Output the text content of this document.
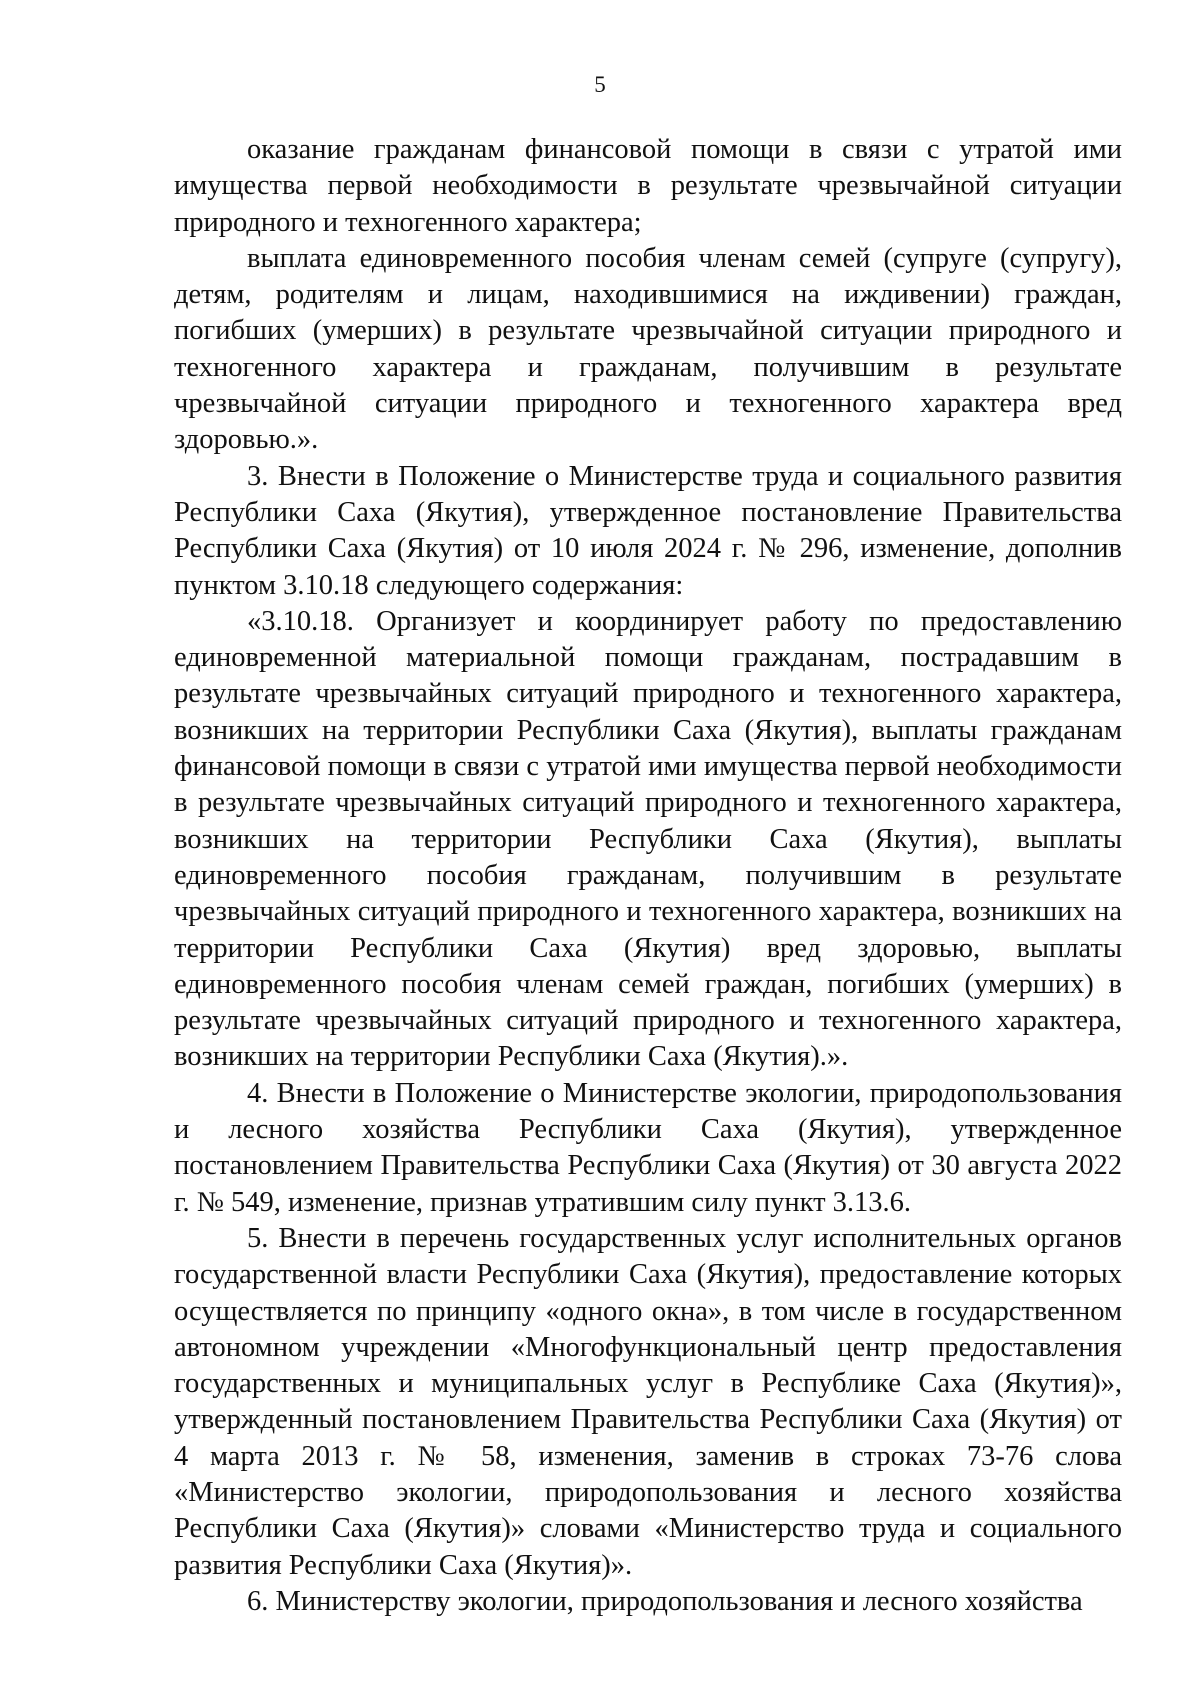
5

оказание гражданам финансовой помощи в связи с утратой ими имущества первой необходимости в результате чрезвычайной ситуации природного и техногенного характера;

выплата единовременного пособия членам семей (супруге (супругу), детям, родителям и лицам, находившимися на иждивении) граждан, погибших (умерших) в результате чрезвычайной ситуации природного и техногенного характера и гражданам, получившим в результате чрезвычайной ситуации природного и техногенного характера вред здоровью.».

3. Внести в Положение о Министерстве труда и социального развития Республики Саха (Якутия), утвержденное постановление Правительства Республики Саха (Якутия) от 10 июля 2024 г. № 296, изменение, дополнив пунктом 3.10.18 следующего содержания:

«3.10.18. Организует и координирует работу по предоставлению единовременной материальной помощи гражданам, пострадавшим в результате чрезвычайных ситуаций природного и техногенного характера, возникших на территории Республики Саха (Якутия), выплаты гражданам финансовой помощи в связи с утратой ими имущества первой необходимости в результате чрезвычайных ситуаций природного и техногенного характера, возникших на территории Республики Саха (Якутия), выплаты единовременного пособия гражданам, получившим в результате чрезвычайных ситуаций природного и техногенного характера, возникших на территории Республики Саха (Якутия) вред здоровью, выплаты единовременного пособия членам семей граждан, погибших (умерших) в результате чрезвычайных ситуаций природного и техногенного характера, возникших на территории Республики Саха (Якутия).».

4. Внести в Положение о Министерстве экологии, природопользования и лесного хозяйства Республики Саха (Якутия), утвержденное постановлением Правительства Республики Саха (Якутия) от 30 августа 2022 г. № 549, изменение, признав утратившим силу пункт 3.13.6.

5. Внести в перечень государственных услуг исполнительных органов государственной власти Республики Саха (Якутия), предоставление которых осуществляется по принципу «одного окна», в том числе в государственном автономном учреждении «Многофункциональный центр предоставления государственных и муниципальных услуг в Республике Саха (Якутия)», утвержденный постановлением Правительства Республики Саха (Якутия) от 4 марта 2013 г. № 58, изменения, заменив в строках 73-76 слова «Министерство экологии, природопользования и лесного хозяйства Республики Саха (Якутия)» словами «Министерство труда и социального развития Республики Саха (Якутия)».

6. Министерству экологии, природопользования и лесного хозяйства
